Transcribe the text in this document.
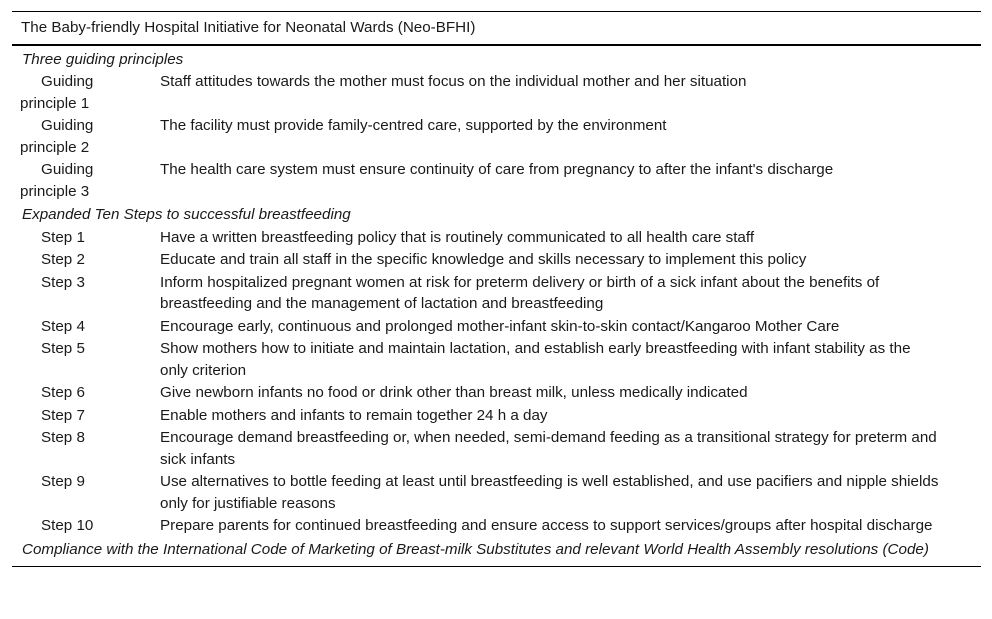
The Baby-friendly Hospital Initiative for Neonatal Wards (Neo-BFHI)	
Three guiding principles	

Guiding
principle 1	Staff attitudes towards the mother must focus on the individual mother and her situation

Guiding
principle 2	The facility must provide family-centred care, supported by the environment

Guiding
principle 3	The health care system must ensure continuity of care from pregnancy to after the infant's discharge
Expanded Ten Steps to successful breastfeeding	
Step 1	Have a written breastfeeding policy that is routinely communicated to all health care staff
Step 2	Educate and train all staff in the specific knowledge and skills necessary to implement this policy
Step 3	Inform hospitalized pregnant women at risk for preterm delivery or birth of a sick infant about the benefits of breastfeeding and the management of lactation and breastfeeding
Step 4	Encourage early, continuous and prolonged mother-infant skin-to-skin contact/Kangaroo Mother Care
Step 5	Show mothers how to initiate and maintain lactation, and establish early breastfeeding with infant stability as the only criterion
Step 6	Give newborn infants no food or drink other than breast milk, unless medically indicated
Step 7	Enable mothers and infants to remain together 24 h a day
Step 8	Encourage demand breastfeeding or, when needed, semi-demand feeding as a transitional strategy for preterm and sick infants
Step 9	Use alternatives to bottle feeding at least until breastfeeding is well established, and use pacifiers and nipple shields only for justifiable reasons
Step 10	Prepare parents for continued breastfeeding and ensure access to support services/groups after hospital discharge
Compliance with the International Code of Marketing of Breast-milk Substitutes and relevant World Health Assembly resolutions (Code)	
